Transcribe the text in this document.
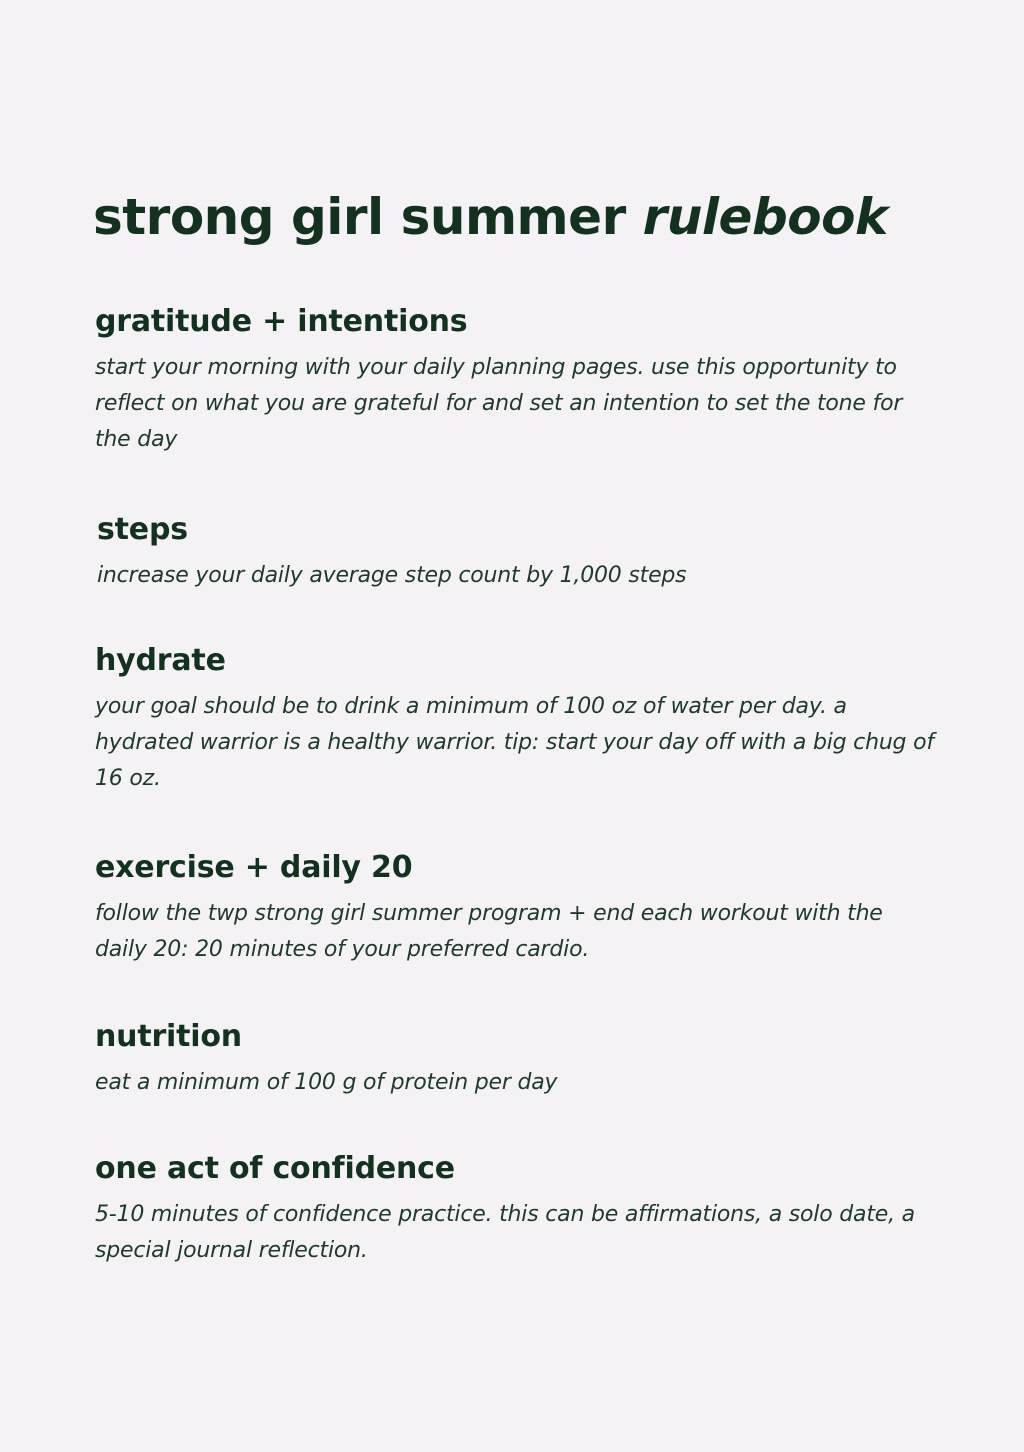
strong girl summer rulebook
gratitude + intentions

start your morning with your daily planning pages. use this opportunity to reflect on what you are grateful for and set an intention to set the tone for the day

steps

increase your daily average step count by 1,000 steps

hydrate

your goal should be to drink a minimum of 100 oz of water per day. a hydrated warrior is a healthy warrior. tip: start your day off with a big chug of 16 oz.

exercise + daily 20

follow the twp strong girl summer program + end each workout with the daily 20: 20 minutes of your preferred cardio.

nutrition

eat a minimum of 100 g of protein per day

one act of confidence

5-10 minutes of confidence practice. this can be affirmations, a solo date, a special journal reflection.
